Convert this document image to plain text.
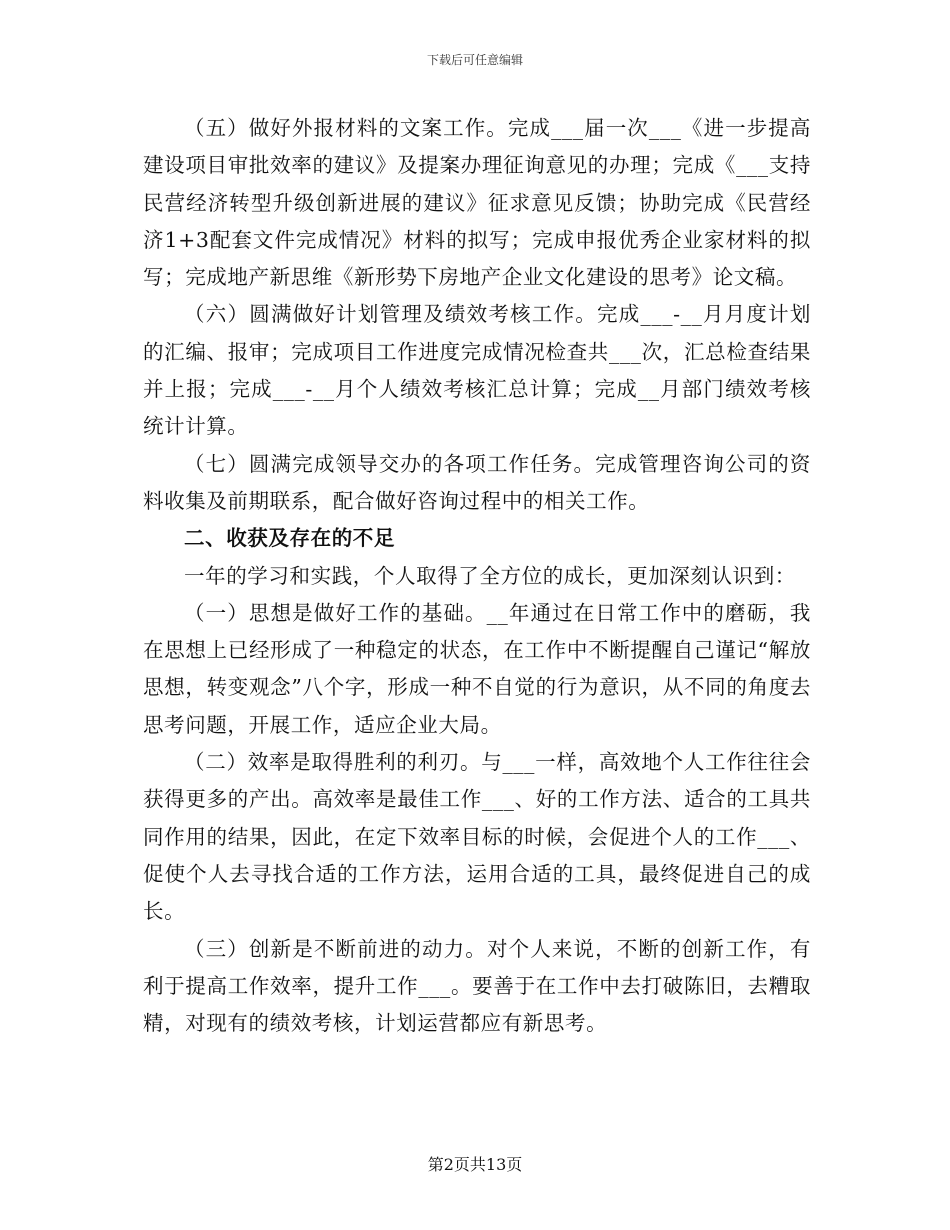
下载后可任意编辑

（五）做好外报材料的文案工作。完成___届一次___《进一步提高建设项目审批效率的建议》及提案办理征询意见的办理；完成《___支持民营经济转型升级创新进展的建议》征求意见反馈；协助完成《民营经济1+3配套文件完成情况》材料的拟写；完成申报优秀企业家材料的拟写；完成地产新思维《新形势下房地产企业文化建设的思考》论文稿。

（六）圆满做好计划管理及绩效考核工作。完成___-__月月度计划的汇编、报审；完成项目工作进度完成情况检查共___次，汇总检查结果并上报；完成___-__月个人绩效考核汇总计算；完成__月部门绩效考核统计计算。

（七）圆满完成领导交办的各项工作任务。完成管理咨询公司的资料收集及前期联系，配合做好咨询过程中的相关工作。

二、收获及存在的不足

一年的学习和实践，个人取得了全方位的成长，更加深刻认识到：

（一）思想是做好工作的基础。__年通过在日常工作中的磨砺，我在思想上已经形成了一种稳定的状态，在工作中不断提醒自己谨记“解放思想，转变观念”八个字，形成一种不自觉的行为意识，从不同的角度去思考问题，开展工作，适应企业大局。

（二）效率是取得胜利的利刃。与___一样，高效地个人工作往往会获得更多的产出。高效率是最佳工作___、好的工作方法、适合的工具共同作用的结果，因此，在定下效率目标的时候，会促进个人的工作___、促使个人去寻找合适的工作方法，运用合适的工具，最终促进自己的成长。

（三）创新是不断前进的动力。对个人来说，不断的创新工作，有利于提高工作效率，提升工作___。要善于在工作中去打破陈旧，去糟取精，对现有的绩效考核，计划运营都应有新思考。

第2页共13页
